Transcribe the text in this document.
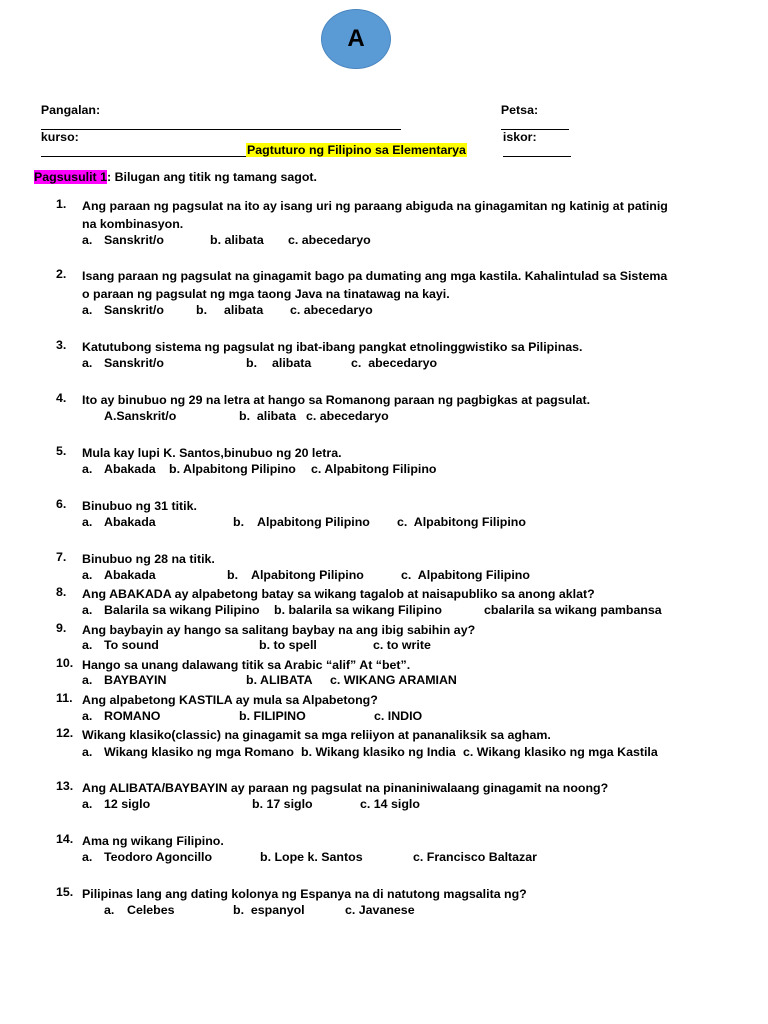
A

Pangalan:
	Petsa:

kurso:
	iskor:

Pagtuturo ng Filipino sa Elementarya
Pagsusulit 1: Bilugan ang titik ng tamang sagot.
1.	Ang paraan ng pagsulat na ito ay isang uri ng paraang abiguda na ginagamitan ng katinig at patinig na kombinasyon.
a. Sanskrit/o	b. alibata c. abecedaryo
2.	Isang paraan ng pagsulat na ginagamit bago pa dumating ang mga kastila. Kahalintulad sa Sistema o paraan ng pagsulat ng mga taong Java na tinatawag na kayi.
a. Sanskrit/o	b. alibata c. abecedaryo
3.	Katutubong sistema ng pagsulat ng ibat-ibang pangkat etnolinggwistiko sa Pilipinas.
a. Sanskrit/o	b. alibata	c.  abecedaryo
4.	Ito ay binubuo ng 29 na letra at hango sa Romanong paraan ng pagbigkas at pagsulat.
A.Sanskrit/o	b.  alibata c. abecedaryo
5.	Mula kay lupi K. Santos,binubuo ng 20 letra.
a. Abakada b. Alpabitong Pilipino c. Alpabitong Filipino
6.	Binubuo ng 31 titik.
a. Abakada	b. Alpabitong Pilipino c.  Alpabitong Filipino
7.	Binubuo ng 28 na titik.
a. Abakada	b. Alpabitong Pilipino	c.  Alpabitong Filipino
8.	Ang ABAKADA ay alpabetong batay sa wikang tagalob at naisapubliko sa anong aklat?
a. Balarila sa wikang Pilipino b. balarila sa wikang Filipino	cbalarila sa wikang pambansa
9.	Ang baybayin ay hango sa salitang baybay na ang ibig sabihin ay?
a. To sound	b. to spell	c. to write
10. Hango sa unang dalawang titik sa Arabic “alif” At “bet”.
a. BAYBAYIN	b. ALIBATA c. WIKANG ARAMIAN
11. Ang alpabetong KASTILA ay mula sa Alpabetong?
a. ROMANO	b. FILIPINO	c. INDIO
12. Wikang klasiko(classic) na ginagamit sa mga reliiyon at pananaliksik sa agham.
a. Wikang klasiko ng mga Romano b. Wikang klasiko ng India c. Wikang klasiko ng mga Kastila
13. Ang ALIBATA/BAYBAYIN ay paraan ng pagsulat na pinaniniwalaang ginagamit na noong?
a. 12 siglo	b. 17 siglo	c. 14 siglo
14. Ama ng wikang Filipino.
a. Teodoro Agoncillo	b. Lope k. Santos	c. Francisco Baltazar
15. Pilipinas lang ang dating kolonya ng Espanya na di natutong magsalita ng?
a. Celebes	b.  espanyol	c. Javanese
